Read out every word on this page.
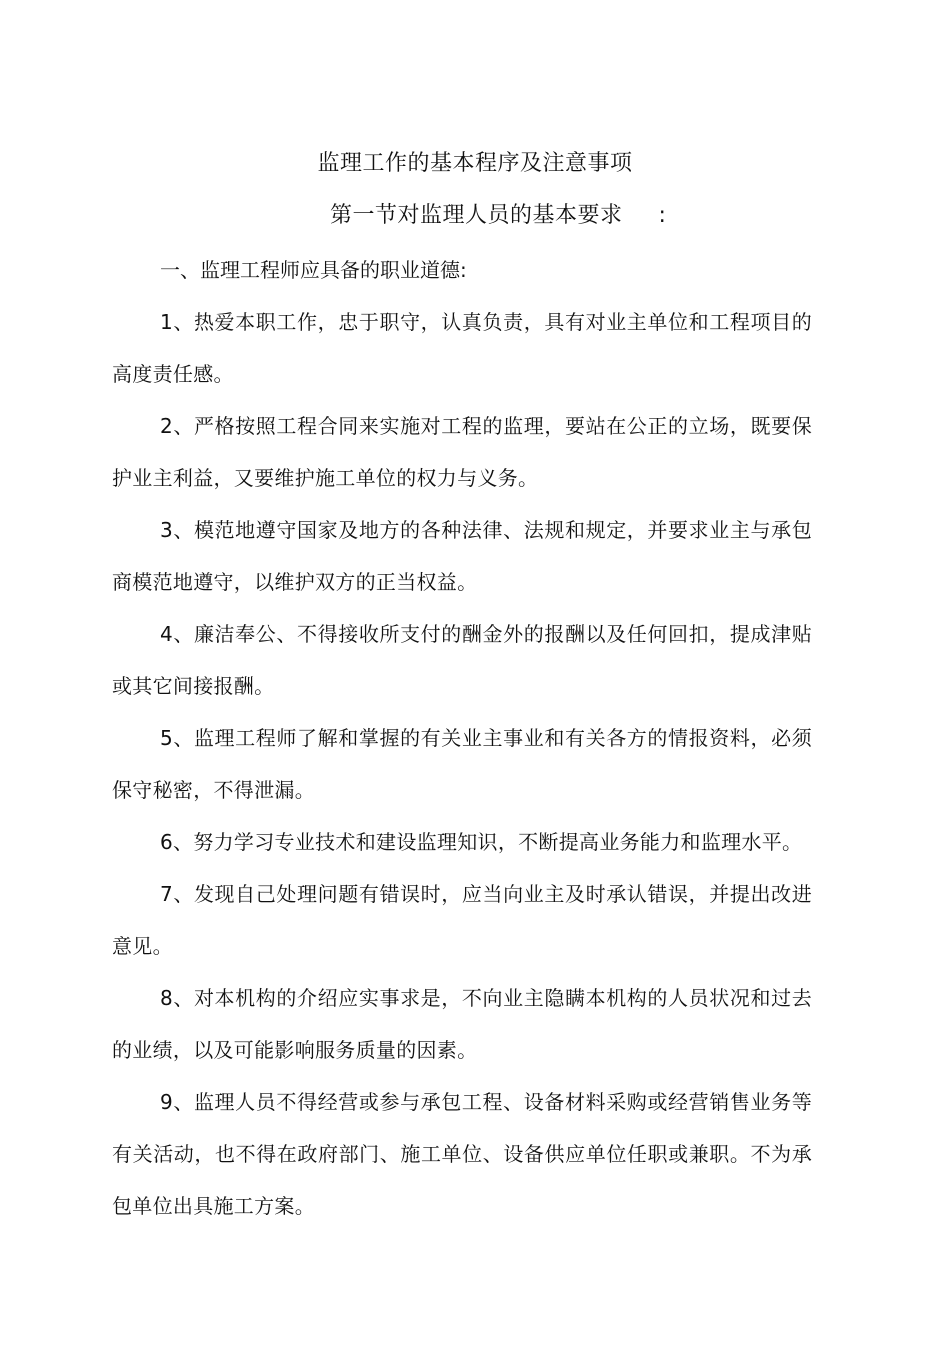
监理工作的基本程序及注意事项
第一节对监理人员的基本要求 :
一、监理工程师应具备的职业道德:

1、热爱本职工作，忠于职守，认真负责，具有对业主单位和工程项目的高度责任感。

2、严格按照工程合同来实施对工程的监理，要站在公正的立场，既要保护业主利益，又要维护施工单位的权力与义务。

3、模范地遵守国家及地方的各种法律、法规和规定，并要求业主与承包商模范地遵守，以维护双方的正当权益。

4、廉洁奉公、不得接收所支付的酬金外的报酬以及任何回扣，提成津贴或其它间接报酬。

5、监理工程师了解和掌握的有关业主事业和有关各方的情报资料，必须保守秘密，不得泄漏。

6、努力学习专业技术和建设监理知识，不断提高业务能力和监理水平。

7、发现自己处理问题有错误时，应当向业主及时承认错误，并提出改进意见。

8、对本机构的介绍应实事求是，不向业主隐瞒本机构的人员状况和过去的业绩，以及可能影响服务质量的因素。

9、监理人员不得经营或参与承包工程、设备材料采购或经营销售业务等有关活动，也不得在政府部门、施工单位、设备供应单位任职或兼职。不为承包单位出具施工方案。
